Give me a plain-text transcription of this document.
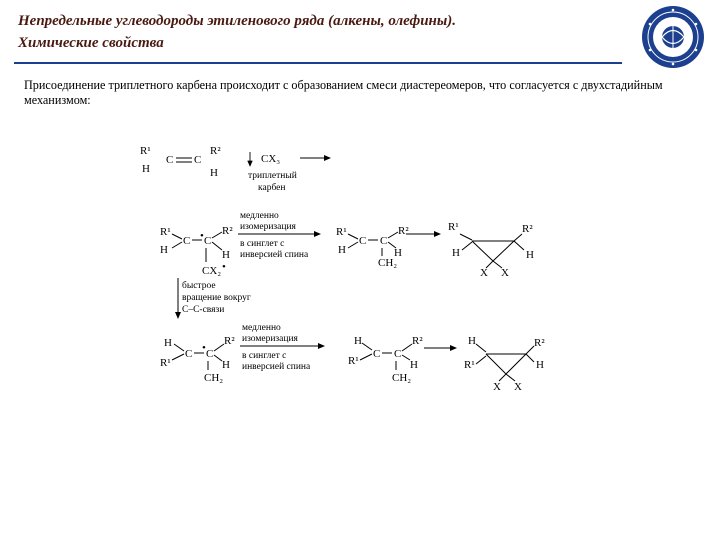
Непредельные углеводороды этиленового ряда (алкены, олефины).
Химические свойства
Присоединение триплетного карбена происходит с образованием смеси диастереомеров, что согласуется с двухстадийным механизмом:
R¹
H
C C
R²
H
CX₃
триплетный
карбен
R¹
H
C C
H
R²
CX₂
•
•
медленно
изомеризация
в синглет с
инверсией спина
R¹
H
C C
R²
H
CH₂
R¹
H
R²
H
X X
быстрое
вращение вокруг
С–С-связи
H
R¹
C C
R²
H
CH₂
•
медленно
изомеризация
в синглет с
инверсией спина
H
R¹
C C
R²
H
CH₂
H
R¹
R²
H
X X
